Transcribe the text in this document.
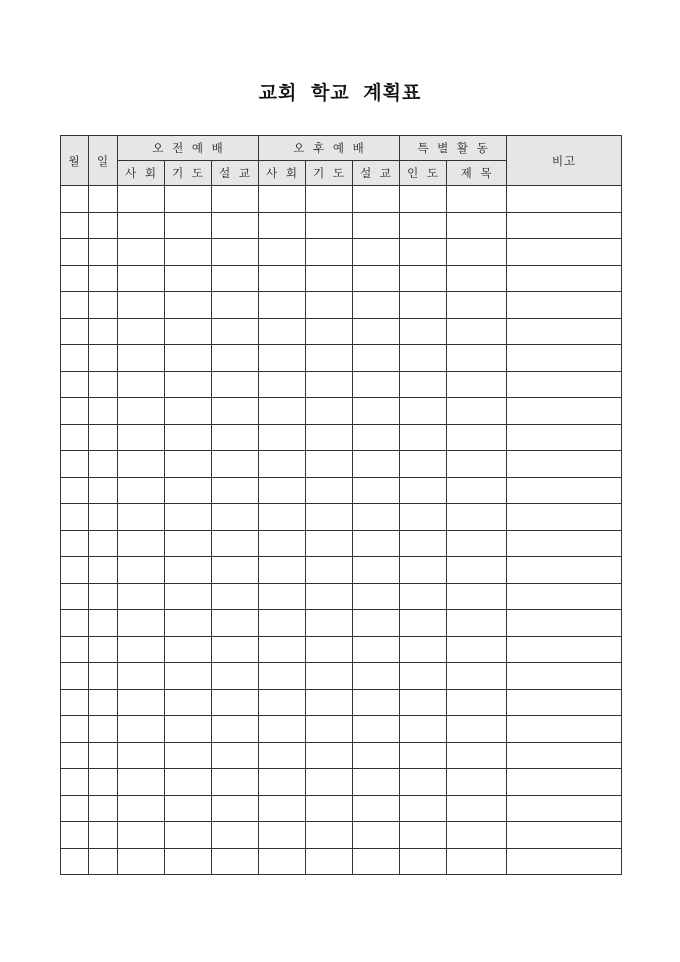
교회 학교 계획표
월	일	오 전 예 배			오 후 예 배			특 별 활 동		비고
		사 회	기 도	설 교	사 회	기 도	설 교	인 도	제 목	
